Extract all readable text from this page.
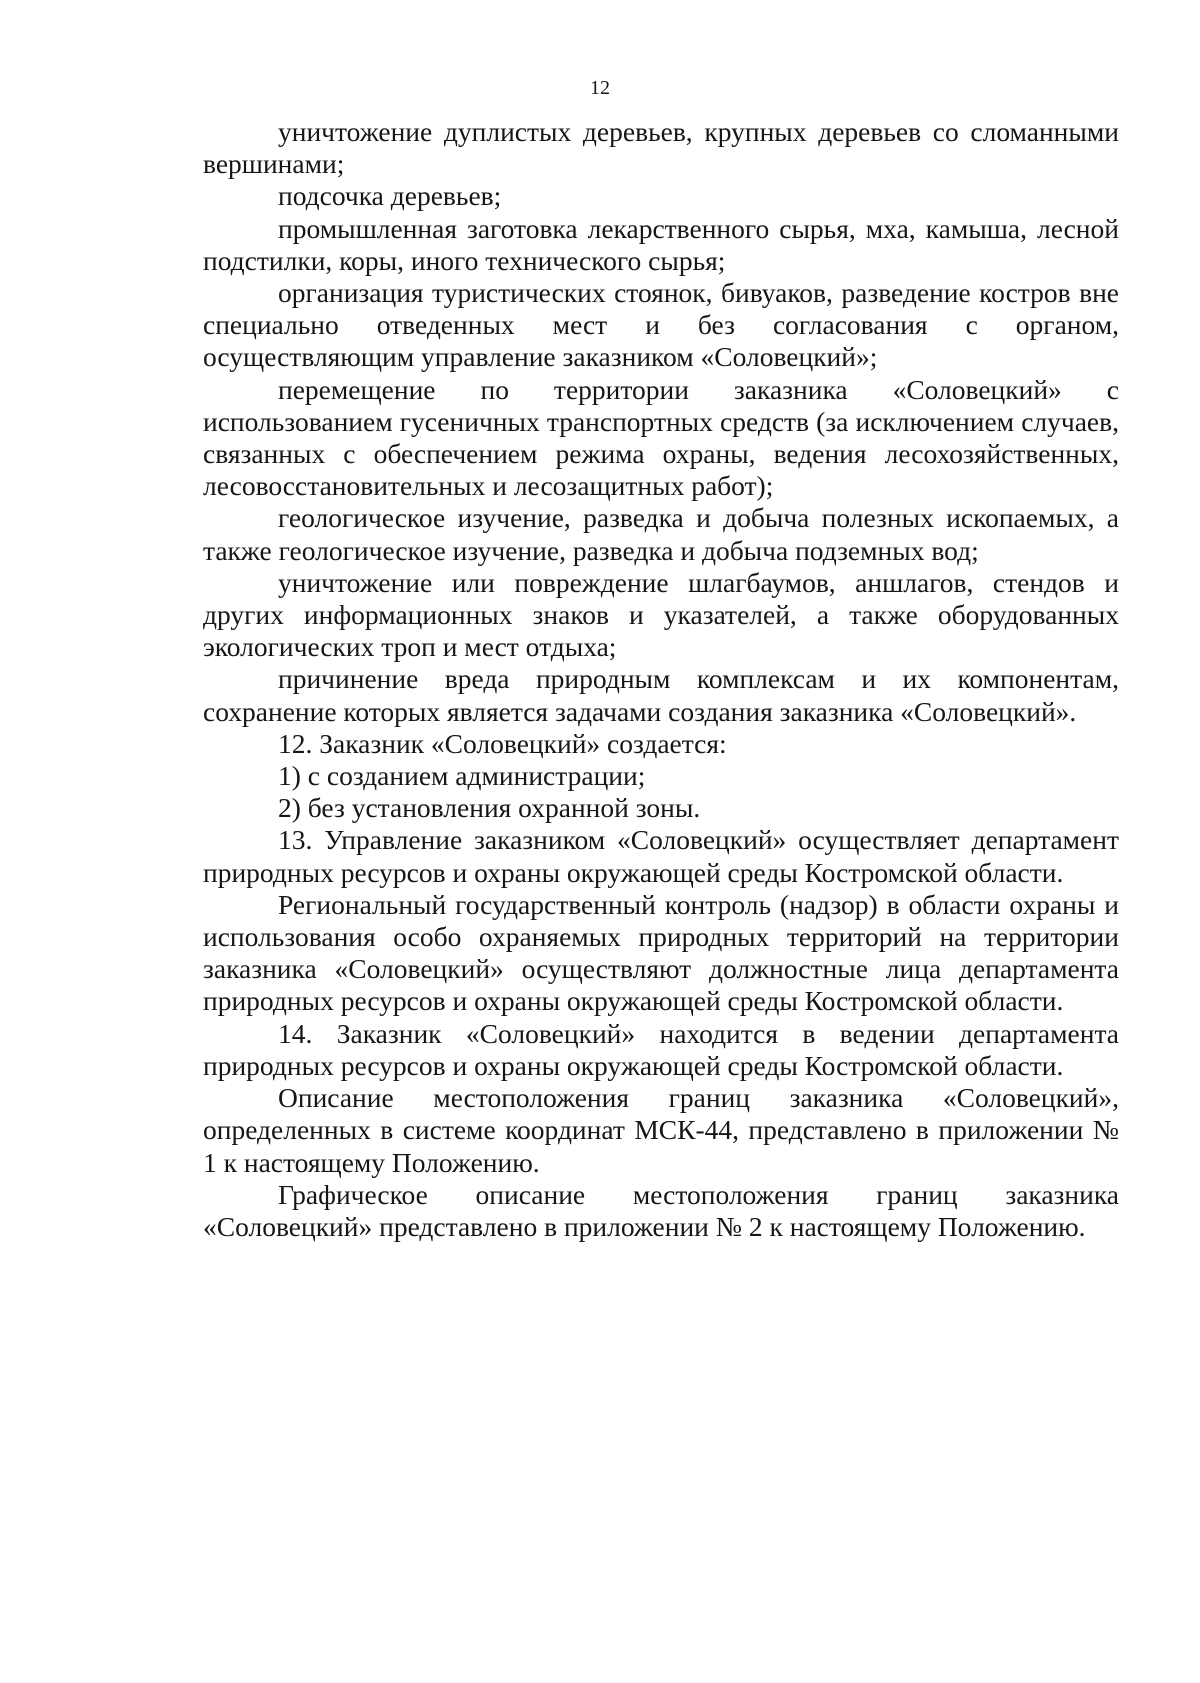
12

уничтожение дуплистых деревьев, крупных деревьев со сломанными вершинами;

подсочка деревьев;

промышленная заготовка лекарственного сырья, мха, камыша, лесной подстилки, коры, иного технического сырья;

организация туристических стоянок, бивуаков, разведение костров вне специально отведенных мест и без согласования с органом, осуществляющим управление заказником «Соловецкий»;

перемещение по территории заказника «Соловецкий» с использованием гусеничных транспортных средств (за исключением случаев, связанных с обеспечением режима охраны, ведения лесохозяйственных, лесовосстановительных и лесозащитных работ);

геологическое изучение, разведка и добыча полезных ископаемых, а также геологическое изучение, разведка и добыча подземных вод;

уничтожение или повреждение шлагбаумов, аншлагов, стендов и других информационных знаков и указателей, а также оборудованных экологических троп и мест отдыха;

причинение вреда природным комплексам и их компонентам, сохранение которых является задачами создания заказника «Соловецкий».

12. Заказник «Соловецкий» создается:

1) с созданием администрации;

2) без установления охранной зоны.

13. Управление заказником «Соловецкий» осуществляет департамент природных ресурсов и охраны окружающей среды Костромской области.

Региональный государственный контроль (надзор) в области охраны и использования особо охраняемых природных территорий на территории заказника «Соловецкий» осуществляют должностные лица департамента природных ресурсов и охраны окружающей среды Костромской области.

14. Заказник «Соловецкий» находится в ведении департамента природных ресурсов и охраны окружающей среды Костромской области.

Описание местоположения границ заказника «Соловецкий», определенных в системе координат МСК-44, представлено в приложении № 1 к настоящему Положению.

Графическое описание местоположения границ заказника «Соловецкий» представлено в приложении № 2 к настоящему Положению.
